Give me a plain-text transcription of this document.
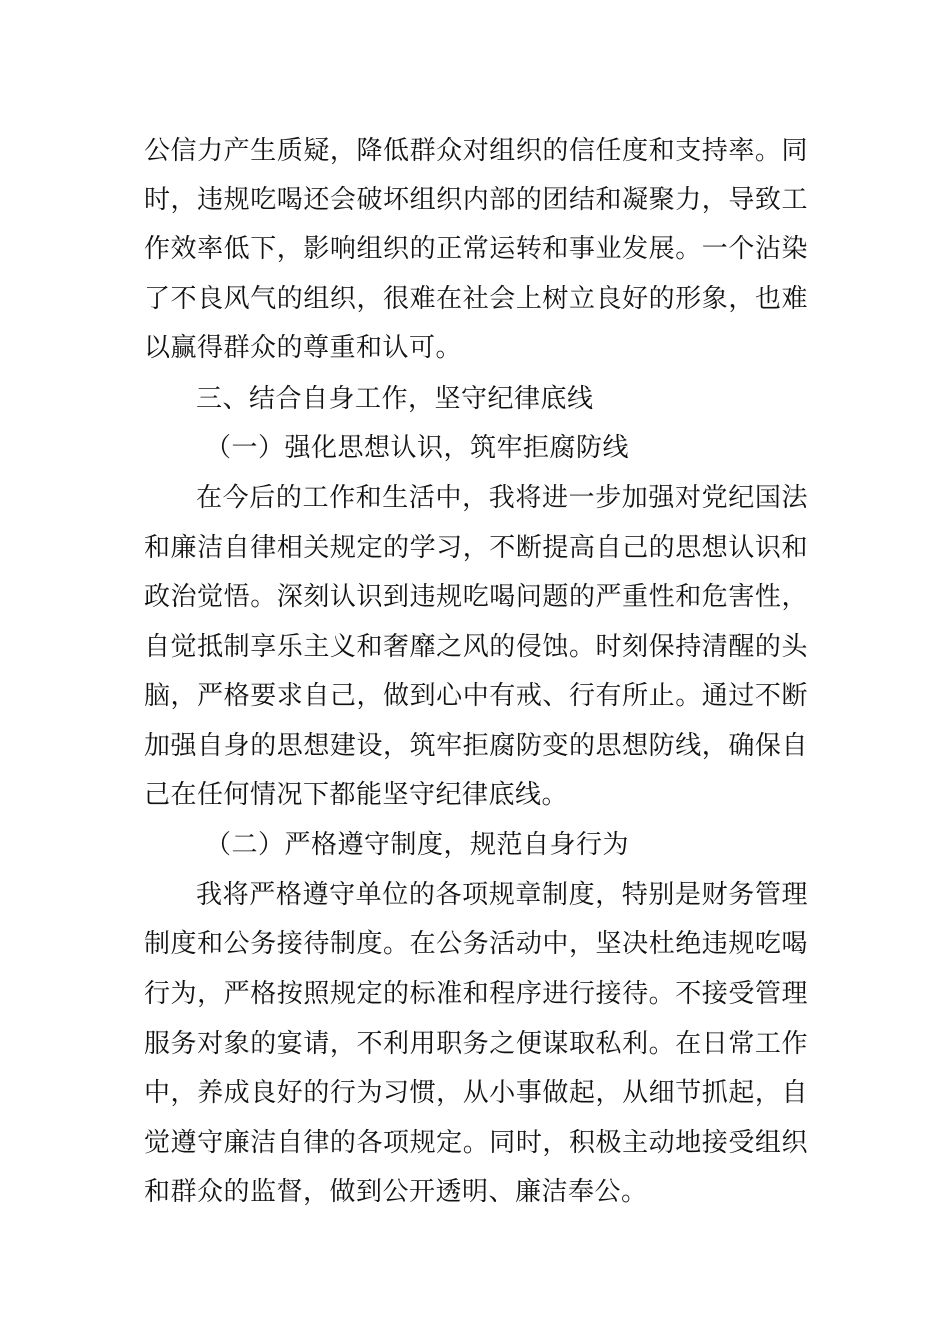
公信力产生质疑，降低群众对组织的信任度和支持率。同
时，违规吃喝还会破坏组织内部的团结和凝聚力，导致工
作效率低下，影响组织的正常运转和事业发展。一个沾染
了不良风气的组织，很难在社会上树立良好的形象，也难
以赢得群众的尊重和认可。
三、结合自身工作，坚守纪律底线
（一）强化思想认识，筑牢拒腐防线
在今后的工作和生活中，我将进一步加强对党纪国法
和廉洁自律相关规定的学习，不断提高自己的思想认识和
政治觉悟。深刻认识到违规吃喝问题的严重性和危害性，
自觉抵制享乐主义和奢靡之风的侵蚀。时刻保持清醒的头
脑，严格要求自己，做到心中有戒、行有所止。通过不断
加强自身的思想建设，筑牢拒腐防变的思想防线，确保自
己在任何情况下都能坚守纪律底线。
（二）严格遵守制度，规范自身行为
我将严格遵守单位的各项规章制度，特别是财务管理
制度和公务接待制度。在公务活动中，坚决杜绝违规吃喝
行为，严格按照规定的标准和程序进行接待。不接受管理
服务对象的宴请，不利用职务之便谋取私利。在日常工作
中，养成良好的行为习惯，从小事做起，从细节抓起，自
觉遵守廉洁自律的各项规定。同时，积极主动地接受组织
和群众的监督，做到公开透明、廉洁奉公。
